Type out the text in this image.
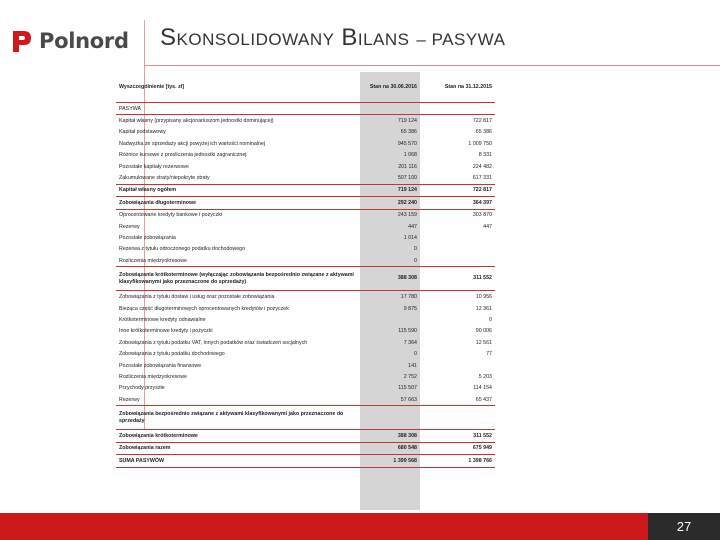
Polnord SKONSOLIDOWANY BILANS – PASYWA
Wyszczególnienie [tys. zł]	Stan na 30.06.2016	Stan na 31.12.2015
PASYWA		
Kapitał własny (przypisany akcjonariuszom jednostki dominującej)	719 124	722 817
Kapitał podstawowy	65 386	65 386
Nadwyżka ze sprzedaży akcji powyżej ich wartości nominalnej	945 570	1 009 750
Różnice kursowe z przeliczenia jednostki zagranicznej	1 068	8 331
Pozostałe kapitały rezerwowe	201 116	224 482
Zakumulowane straty/niepokryte straty	507 100	617 331
Kapitał własny ogółem	719 124	722 817
Zobowiązania długoterminowe	292 240	364 397
Oprocentowane kredyty bankowe i pożyczki	243 159	303 870
Rezerwy	447	447
Pozostałe zobowiązania	1 014	
Rezerwa z tytułu odroczonego podatku dochodowego	0	
Rozliczenia międzyokresowe	0	
Zobowiązania krótkoterminowe (wyłączając zobowiązania bezpośrednio związane z aktywami klasyfikowanymi jako przeznaczone do sprzedaży)	388 308	311 552
Zobowiązania z tytułu dostaw i usług oraz pozostałe zobowiązania	17 780	10 956
Bieżąca część długoterminowych oprocentowanych kredytów i pożyczek	9 875	12 361
Krótkoterminowe kredyty odnawialne		0
Inne krótkoterminowe kredyty i pożyczki	115 590	90 006
Zobowiązania z tytułu podatku VAT, innych podatków oraz świadczeń socjalnych	7 364	12 561
Zobowiązania z tytułu podatku dochodowego	0	77
Pozostałe zobowiązania finansowe	141	
Rozliczenia międzyokresowe	2 752	5 203
Przychody przyszłe	115 507	114 154
Rezerwy	57 663	65 437
Zobowiązania bezpośrednio związane z aktywami klasyfikowanymi jako przeznaczone do sprzedaży		
Zobowiązania krótkoterminowe	388 308	311 552
Zobowiązania razem	680 548	675 949
SUMA PASYWÓW	1 399 568	1 398 766
27
